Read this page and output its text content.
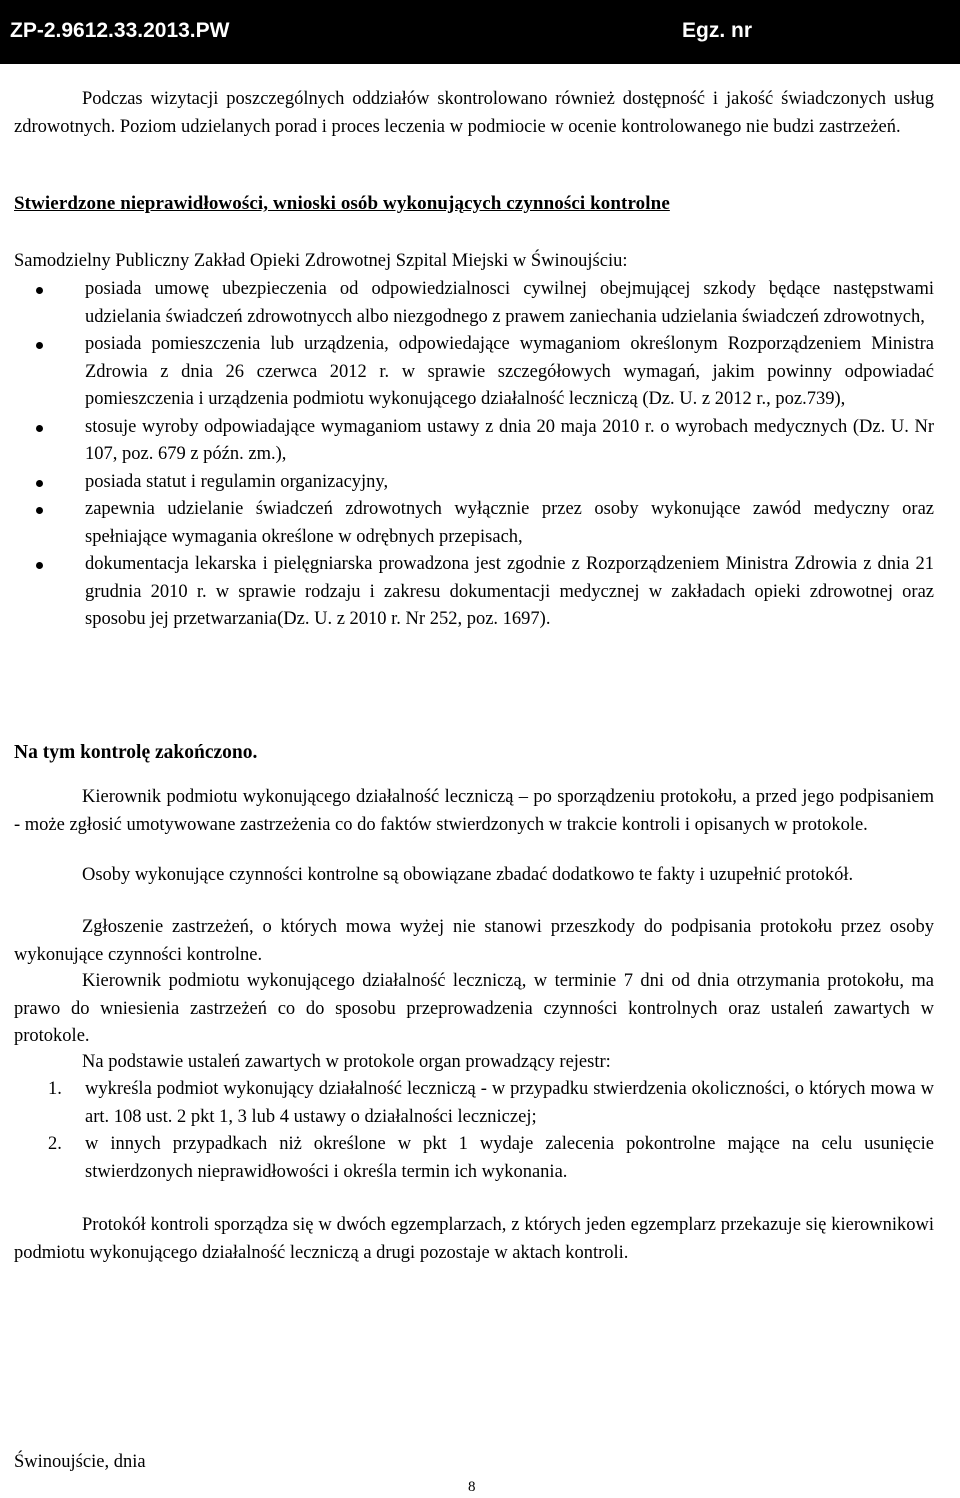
ZP-2.9612.33.2013.PW	Egz. nr
Podczas wizytacji poszczególnych oddziałów skontrolowano również dostępność i jakość świadczonych usług zdrowotnych. Poziom udzielanych porad i proces leczenia w podmiocie w ocenie kontrolowanego nie budzi zastrzeżeń.
Stwierdzone nieprawidłowości, wnioski osób wykonujących czynności kontrolne
Samodzielny Publiczny Zakład Opieki Zdrowotnej Szpital Miejski w Świnoujściu:
posiada umowę ubezpieczenia od odpowiedzialnosci cywilnej obejmującej szkody będące następstwami udzielania świadczeń zdrowotnycch albo niezgodnego z prawem zaniechania udzielania świadczeń zdrowotnych,
posiada pomieszczenia lub urządzenia, odpowiedające wymaganiom określonym Rozporządzeniem Ministra Zdrowia z dnia 26 czerwca 2012 r. w sprawie szczegółowych wymagań, jakim powinny odpowiadać pomieszczenia i urządzenia podmiotu wykonującego działalność leczniczą (Dz. U. z 2012 r., poz.739),
stosuje wyroby odpowiadające wymaganiom ustawy z dnia 20 maja 2010 r. o wyrobach medycznych (Dz. U. Nr 107, poz. 679 z późn. zm.),
posiada statut i regulamin organizacyjny,
zapewnia udzielanie świadczeń zdrowotnych wyłącznie przez osoby wykonujące zawód medyczny oraz spełniające wymagania określone w odrębnych przepisach,
dokumentacja lekarska i pielęgniarska prowadzona jest zgodnie z Rozporządzeniem Ministra Zdrowia z dnia 21 grudnia 2010 r. w sprawie rodzaju i zakresu dokumentacji medycznej w zakładach opieki zdrowotnej oraz sposobu jej przetwarzania(Dz. U. z 2010 r. Nr 252, poz. 1697).
Na tym kontrolę zakończono.
Kierownik podmiotu wykonującego działalność leczniczą – po sporządzeniu protokołu, a przed jego podpisaniem - może zgłosić umotywowane zastrzeżenia co do faktów stwierdzonych w trakcie kontroli i opisanych w protokole.
Osoby wykonujące czynności kontrolne są obowiązane zbadać dodatkowo te fakty i uzupełnić protokół.
Zgłoszenie zastrzeżeń, o których mowa wyżej nie stanowi przeszkody do podpisania protokołu przez osoby wykonujące czynności kontrolne.
Kierownik podmiotu wykonującego działalność leczniczą, w terminie 7 dni od dnia otrzymania protokołu, ma prawo do wniesienia zastrzeżeń co do sposobu przeprowadzenia czynności kontrolnych oraz ustaleń zawartych w protokole.
Na podstawie ustaleń zawartych w protokole organ prowadzący rejestr:
1. wykreśla podmiot wykonujący działalność leczniczą - w przypadku stwierdzenia okoliczności, o których mowa w art. 108 ust. 2 pkt 1, 3 lub 4 ustawy o działalności leczniczej;
2. w innych przypadkach niż określone w pkt 1 wydaje zalecenia pokontrolne mające na celu usunięcie stwierdzonych nieprawidłowości i określa termin ich wykonania.
Protokół kontroli sporządza się w dwóch egzemplarzach, z których jeden egzemplarz przekazuje się kierownikowi podmiotu wykonującego działalność leczniczą a drugi pozostaje w aktach kontroli.
Świnoujście, dnia
8
